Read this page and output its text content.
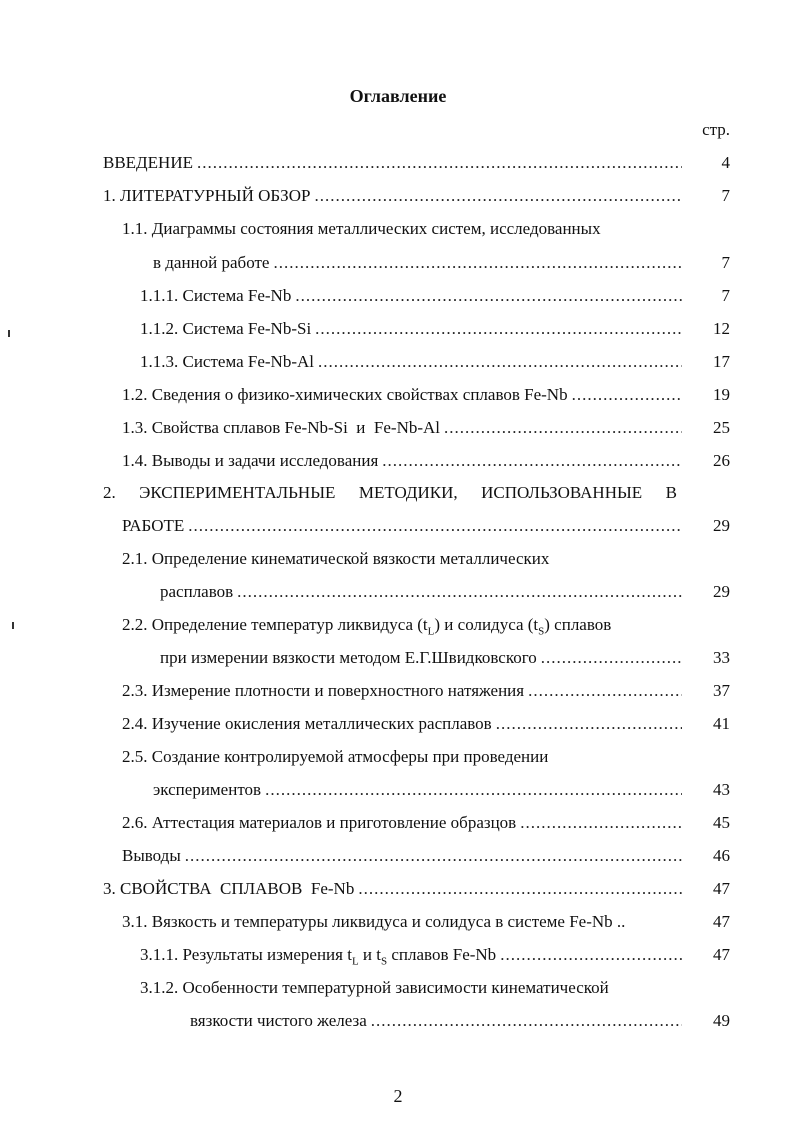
Оглавление
стр.
ВВЕДЕНИЕ .....	4
1. ЛИТЕРАТУРНЫЙ ОБЗОР .....	7
1.1. Диаграммы состояния металлических систем, исследованных
в данной работе .....	7
1.1.1. Система Fe-Nb .....	7
1.1.2. Система Fe-Nb-Si .....	12
1.1.3. Система Fe-Nb-Al .....	17
1.2. Сведения о физико-химических свойствах сплавов Fe-Nb .....	19
1.3. Свойства сплавов Fe-Nb-Si  и  Fe-Nb-Al .....	25
1.4. Выводы и задачи исследования .....	26
2. ЭКСПЕРИМЕНТАЛЬНЫЕ МЕТОДИКИ, ИСПОЛЬЗОВАННЫЕ В
РАБОТЕ .....	29
2.1. Определение кинематической вязкости металлических
расплавов .....	29
2.2. Определение температур ликвидуса $(t_L)$ и солидуса $(t_S)$ сплавов
при измерении вязкости методом Е.Г.Швидковского .....	33
2.3. Измерение плотности и поверхностного натяжения .....	37
2.4. Изучение окисления металлических расплавов .....	41
2.5. Создание контролируемой атмосферы при проведении
экспериментов .....	43
2.6. Аттестация материалов и приготовление образцов .....	45
Выводы .....	46
3. СВОЙСТВА  СПЛАВОВ  Fe-Nb .....	47
3.1. Вязкость и температуры ликвидуса и солидуса в системе Fe-Nb ..	47
3.1.1. Результаты измерения $t_L$ и $t_S$ сплавов Fe-Nb .....	47
3.1.2. Особенности температурной зависимости кинематической
вязкости чистого железа .....	49
2
